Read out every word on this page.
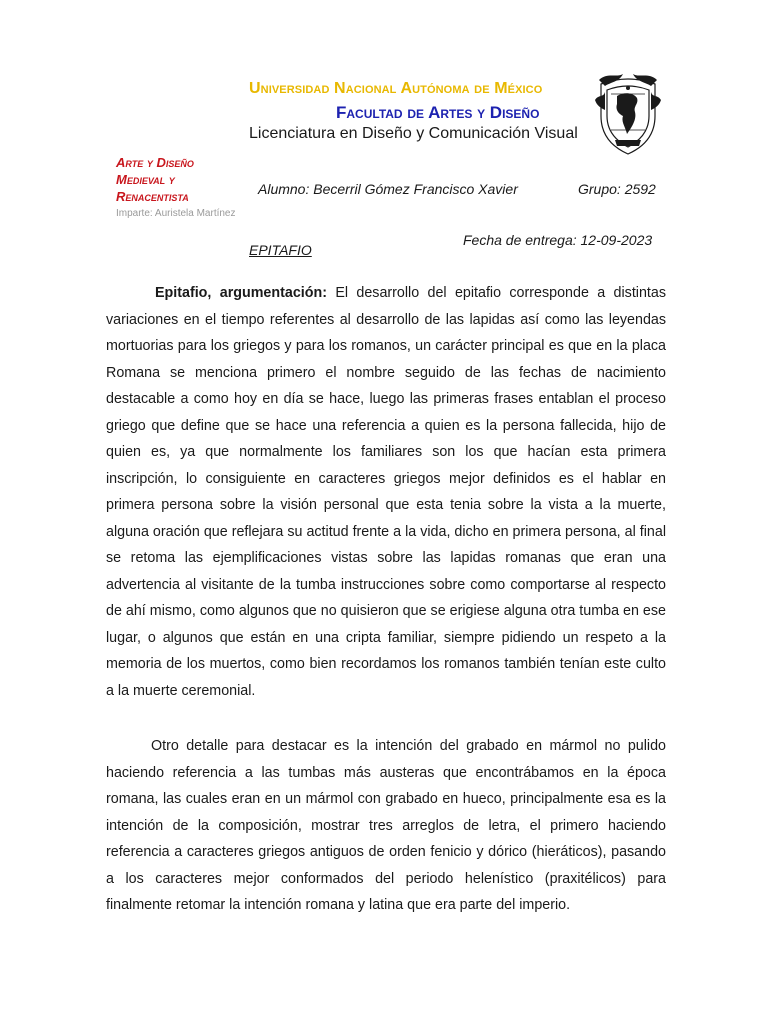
Universidad Nacional Autónoma de México
Facultad de Artes y Diseño
Licenciatura en Diseño y Comunicación Visual
Arte y Diseño Medieval y Renacentista
Imparte: Auristela Martínez
Alumno: Becerril Gómez Francisco Xavier	Grupo: 2592
Fecha de entrega: 12-09-2023
EPITAFIO

Epitafio, argumentación: El desarrollo del epitafio corresponde a distintas variaciones en el tiempo referentes al desarrollo de las lapidas así como las leyendas mortuorias para los griegos y para los romanos, un carácter principal es que en la placa Romana se menciona primero el nombre seguido de las fechas de nacimiento destacable a como hoy en día se hace, luego las primeras frases entablan el proceso griego que define que se hace una referencia a quien es la persona fallecida, hijo de quien es, ya que normalmente los familiares son los que hacían esta primera inscripción, lo consiguiente en caracteres griegos mejor definidos es el hablar en primera persona sobre la visión personal que esta tenia sobre la vista a la muerte, alguna oración que reflejara su actitud frente a la vida, dicho en primera persona, al final se retoma las ejemplificaciones vistas sobre las lapidas romanas que eran una advertencia al visitante de la tumba instrucciones sobre como comportarse al respecto de ahí mismo, como algunos que no quisieron que se erigiese alguna otra tumba en ese lugar, o algunos que están en una cripta familiar, siempre pidiendo un respeto a la memoria de los muertos, como bien recordamos los romanos también tenían este culto a la muerte ceremonial.

Otro detalle para destacar es la intención del grabado en mármol no pulido haciendo referencia a las tumbas más austeras que encontrábamos en la época romana, las cuales eran en un mármol con grabado en hueco, principalmente esa es la intención de la composición, mostrar tres arreglos de letra, el primero haciendo referencia a caracteres griegos antiguos de orden fenicio y dórico (hieráticos), pasando a los caracteres mejor conformados del periodo helenístico (praxitélicos) para finalmente retomar la intención romana y latina que era parte del imperio.
